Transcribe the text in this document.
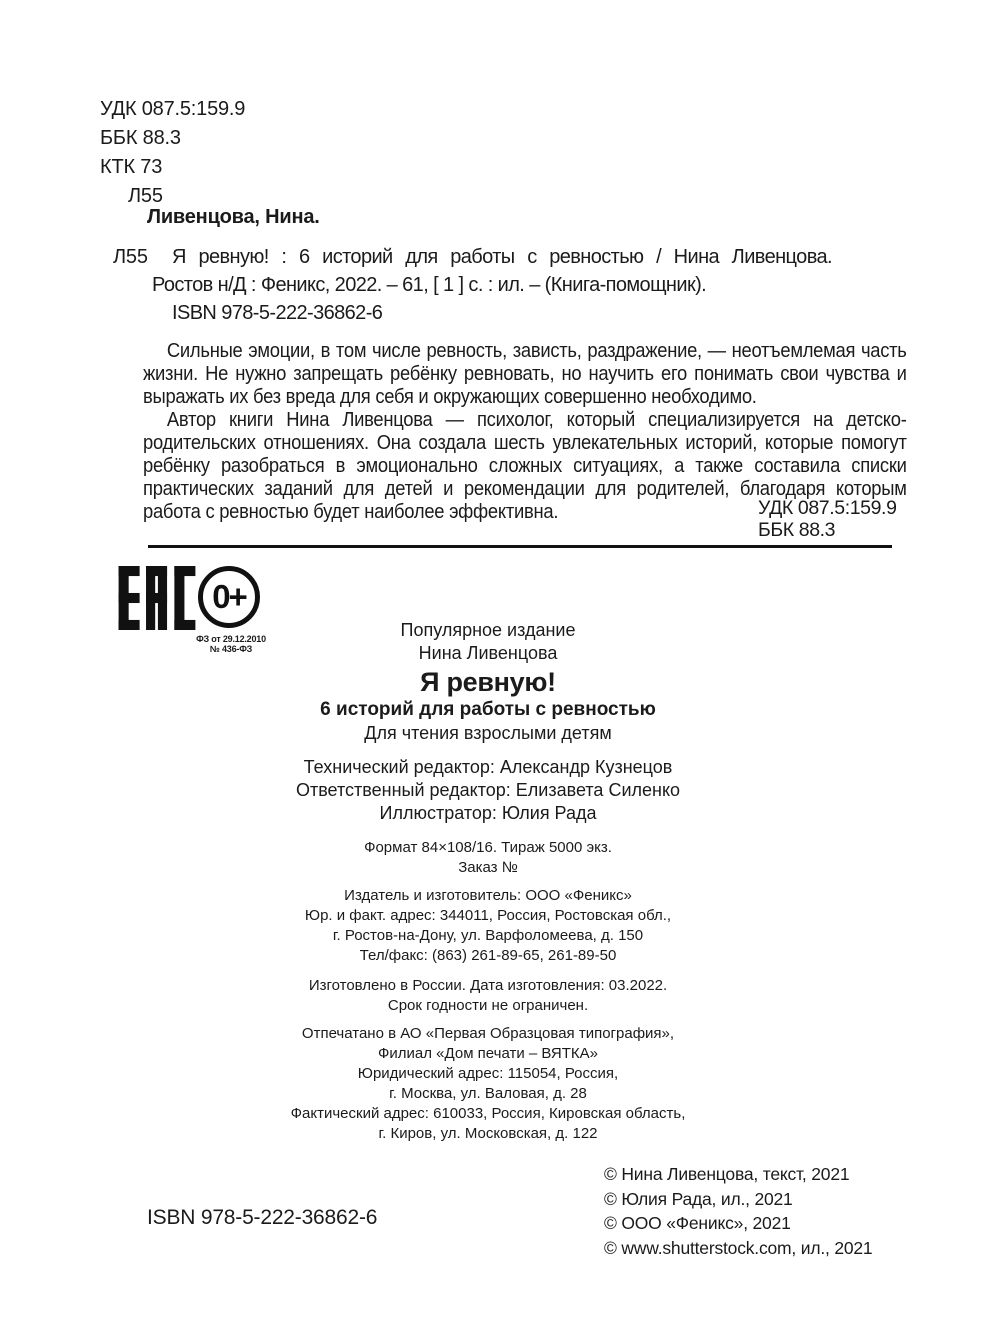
УДК 087.5:159.9
ББК 88.3
КТК 73
Л55
Ливенцова, Нина.
Л55	Я ревную! : 6 историй для работы с ревностью / Нина Ливенцова.
Ростов н/Д : Феникс, 2022. – 61, [ 1 ] с. : ил. – (Книга-помощник).
ISBN 978-5-222-36862-6

Сильные эмоции, в том числе ревность, зависть, раздражение, — неотъемлемая часть жизни. Не нужно запрещать ребёнку ревновать, но научить его понимать свои чувства и выражать их без вреда для себя и окружающих совершенно необходимо.

Автор книги Нина Ливенцова — психолог, который специализируется на детско-родительских отношениях. Она создала шесть увлекательных историй, которые помогут ребёнку разобраться в эмоционально сложных ситуациях, а также составила списки практических заданий для детей и рекомендации для родителей, благодаря которым работа с ревностью будет наиболее эффективна.	УДК 087.5:159.9
ББК 88.3
0+
ФЗ от 29.12.2010
№ 436-ФЗ
Популярное издание
Нина Ливенцова
Я ревную!
6 историй для работы с ревностью
Для чтения взрослыми детям
Технический редактор: Александр Кузнецов
Ответственный редактор: Елизавета Силенко
Иллюстратор: Юлия Рада
Формат 84×108/16. Тираж 5000 экз.
Заказ №
Издатель и изготовитель: ООО «Феникс»
Юр. и факт. адрес: 344011, Россия, Ростовская обл.,
г. Ростов-на-Дону, ул. Варфоломеева, д. 150
Тел/факс: (863) 261-89-65, 261-89-50
Изготовлено в России. Дата изготовления: 03.2022.
Срок годности не ограничен.
Отпечатано в АО «Первая Образцовая типография»,
Филиал «Дом печати – ВЯТКА»
Юридический адрес: 115054, Россия,
г. Москва, ул. Валовая, д. 28
Фактический адрес: 610033, Россия, Кировская область,
г. Киров, ул. Московская, д. 122
© Нина Ливенцова, текст, 2021
© Юлия Рада, ил., 2021
© ООО «Феникс», 2021
© www.shutterstock.com, ил., 2021
ISBN 978-5-222-36862-6
